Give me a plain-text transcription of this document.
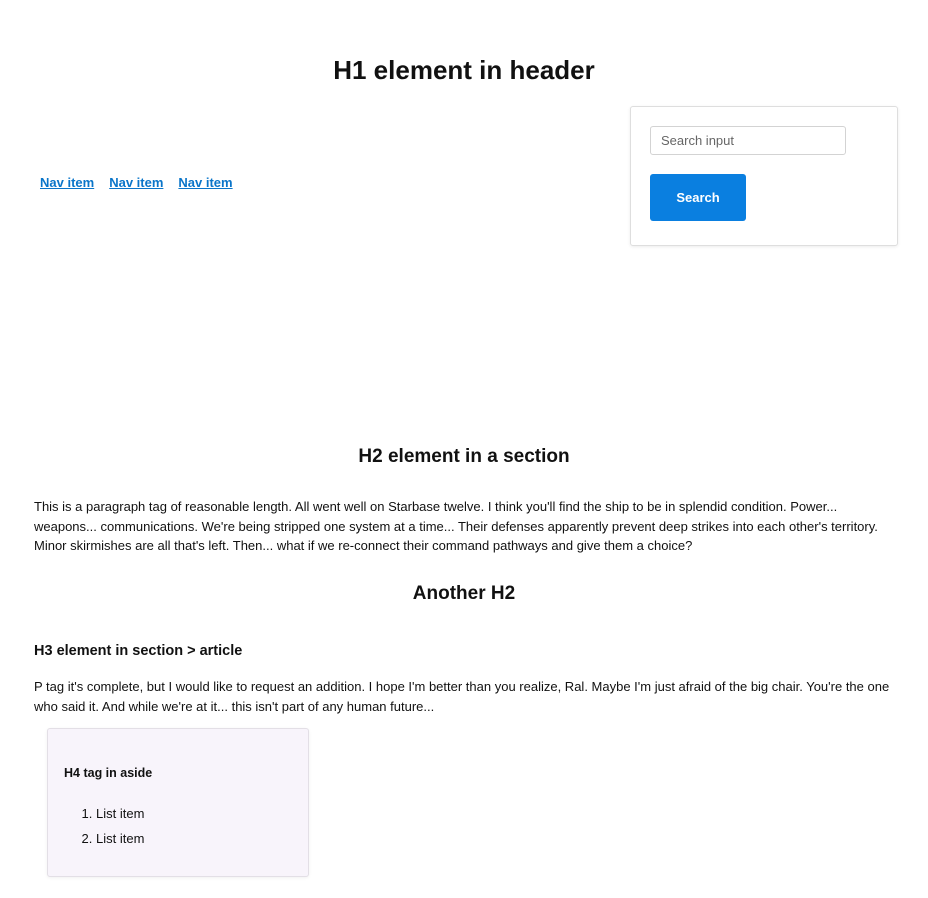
H1 element in header
Nav item Nav item Nav item
Search input
Search
H2 element in a section

This is a paragraph tag of reasonable length. All went well on Starbase twelve. I think you'll find the ship to be in splendid condition. Power... weapons... communications. We're being stripped one system at a time... Their defenses apparently prevent deep strikes into each other's territory. Minor skirmishes are all that's left. Then... what if we re-connect their command pathways and give them a choice?

Another H2
H3 element in section > article

P tag it's complete, but I would like to request an addition. I hope I'm better than you realize, Ral. Maybe I'm just afraid of the big chair. You're the one who said it. And while we're at it... this isn't part of any human future...

H4 tag in aside
1. List item
2. List item
